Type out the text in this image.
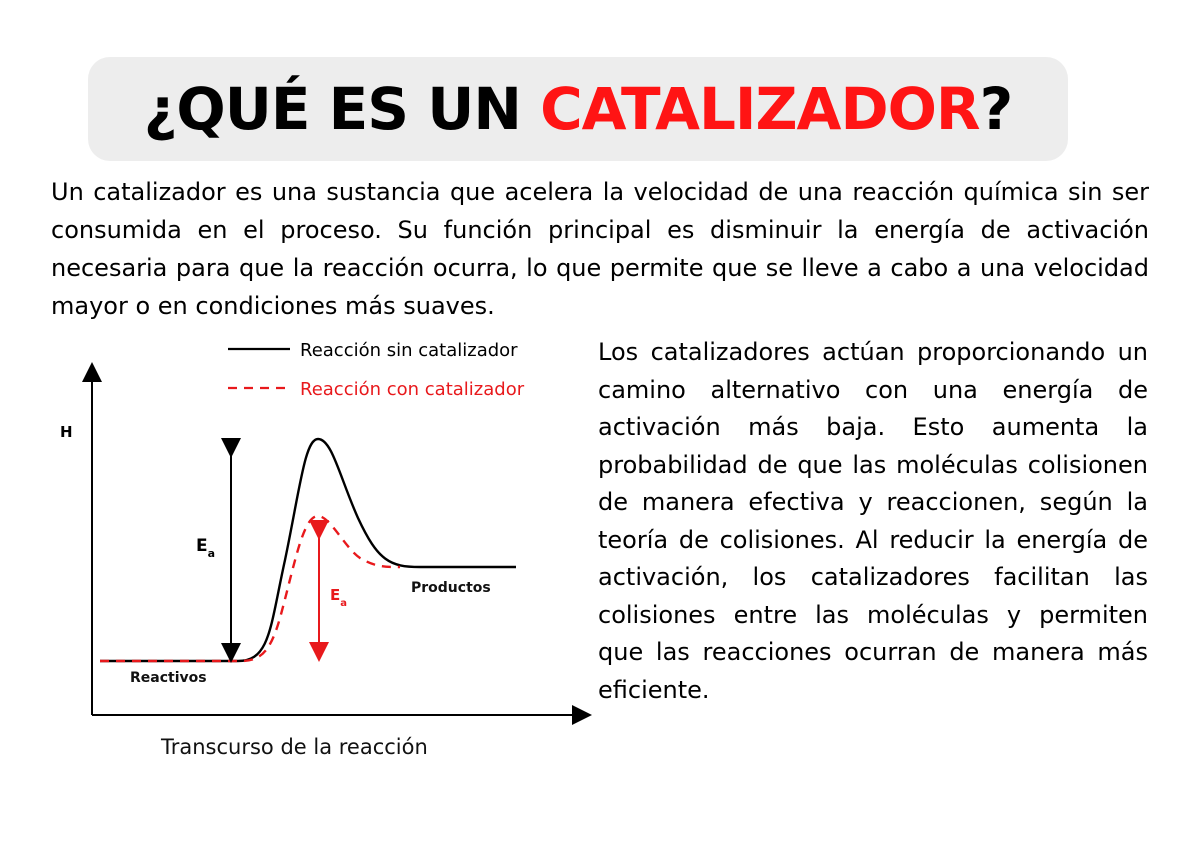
¿QUÉ ES UN CATALIZADOR?

Un catalizador es una sustancia que acelera la velocidad de una reacción química sin ser consumida en el proceso. Su función principal es disminuir la energía de activación necesaria para que la reacción ocurra, lo que permite que se lleve a cabo a una velocidad mayor o en condiciones más suaves.

Reacción sin catalizador
Reacción con catalizador
H
Transcurso de la reacción
$E_a$
$E_a$
Reactivos
Productos

Los catalizadores actúan proporcionando un camino alternativo con una energía de activación más baja. Esto aumenta la probabilidad de que las moléculas colisionen de manera efectiva y reaccionen, según la teoría de colisiones. Al reducir la energía de activación, los catalizadores facilitan las colisiones entre las moléculas y permiten que las reacciones ocurran de manera más eficiente.
